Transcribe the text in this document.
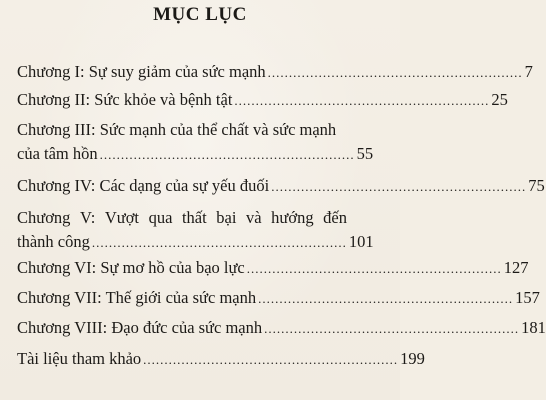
MỤC LỤC
Chương I: Sự suy giảm của sức mạnh ............................................................ 7
Chương II: Sức khỏe và bệnh tật ............................................................ 25
Chương III: Sức mạnh của thể chất và sức mạnh
của tâm hồn ............................................................ 55
Chương IV: Các dạng của sự yếu đuối ............................................................ 75
Chương V: Vượt qua thất bại và hướng đến
thành công ............................................................ 101
Chương VI: Sự mơ hồ của bạo lực ............................................................ 127
Chương VII: Thế giới của sức mạnh ............................................................ 157
Chương VIII: Đạo đức của sức mạnh ............................................................ 181
Tài liệu tham khảo ............................................................ 199
